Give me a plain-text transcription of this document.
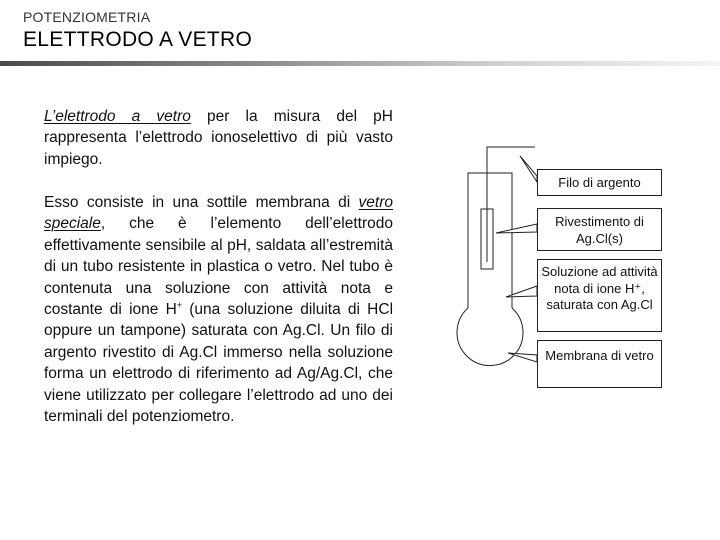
POTENZIOMETRIA
ELETTRODO A VETRO
L’elettrodo a vetro per la misura del pH rappresenta l’elettrodo ionoselettivo di più vasto impiego.
Esso consiste in una sottile membrana di vetro speciale, che è l’elemento dell’elettrodo effettivamente sensibile al pH, saldata all’estremità di un tubo resistente in plastica o vetro. Nel tubo è contenuta una soluzione con attività nota e costante di ione H+ (una soluzione diluita di HCl oppure un tampone) saturata con Ag.Cl. Un filo di argento rivestito di Ag.Cl immerso nella soluzione forma un elettrodo di riferimento ad Ag/Ag.Cl, che viene utilizzato per collegare l’elettrodo ad uno dei terminali del potenziometro.
Filo di argento
Rivestimento di Ag.Cl(s)
Soluzione ad attività nota di ione H⁺, saturata con Ag.Cl
Membrana di vetro
